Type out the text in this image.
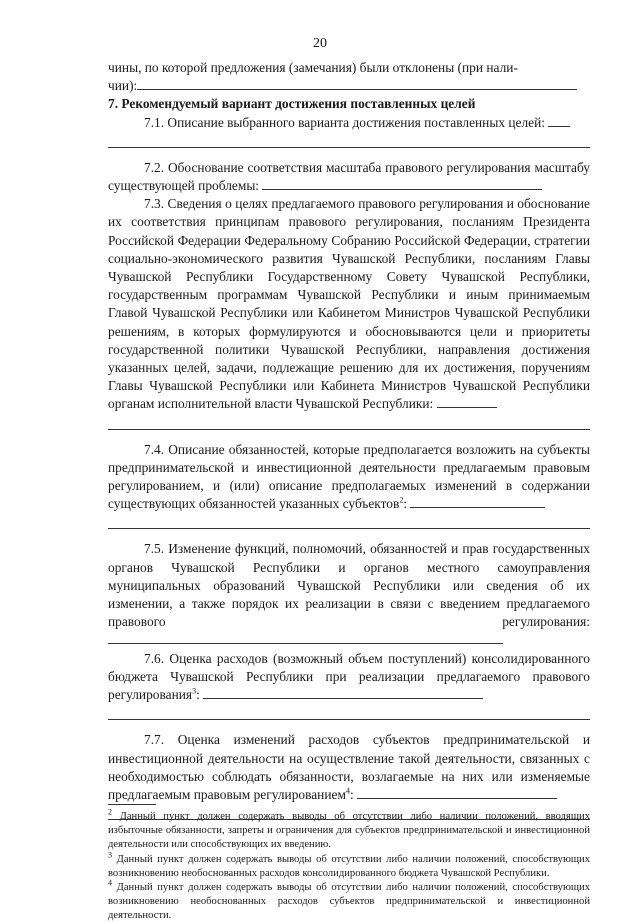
20

чины, по которой предложения (замечания) были отклонены (при нали-
чии):

7. Рекомендуемый вариант достижения поставленных целей

7.1. Описание выбранного варианта достижения поставленных целей:

7.2. Обоснование соответствия масштаба правового регулирования масштабу существующей проблемы:

7.3. Сведения о целях предлагаемого правового регулирования и обоснование их соответствия принципам правового регулирования, посланиям Президента Российской Федерации Федеральному Собранию Российской Федерации, стратегии социально-экономического развития Чувашской Республики, посланиям Главы Чувашской Республики Государственному Совету Чувашской Республики, государственным программам Чувашской Республики и иным принимаемым Главой Чувашской Республики или Кабинетом Министров Чувашской Республики решениям, в которых формулируются и обосновываются цели и приоритеты государственной политики Чувашской Республики, направления достижения указанных целей, задачи, подлежащие решению для их достижения, поручениям Главы Чувашской Республики или Кабинета Министров Чувашской Республики органам исполнительной власти Чувашской Республики:

7.4. Описание обязанностей, которые предполагается возложить на субъекты предпринимательской и инвестиционной деятельности предлагаемым правовым регулированием, и (или) описание предполагаемых изменений в содержании существующих обязанностей указанных субъектов$^2$:

7.5. Изменение функций, полномочий, обязанностей и прав государственных органов Чувашской Республики и органов местного самоуправления муниципальных образований Чувашской Республики или сведения об их изменении, а также порядок их реализации в связи с введением предлагаемого правового регулирования:

7.6. Оценка расходов (возможный объем поступлений) консолидированного бюджета Чувашской Республики при реализации предлагаемого правового регулирования$^3$:

7.7. Оценка изменений расходов субъектов предпринимательской и инвестиционной деятельности на осуществление такой деятельности, связанных с необходимостью соблюдать обязанности, возлагаемые на них или изменяемые предлагаемым правовым регулированием$^4$:

$^2$ Данный пункт должен содержать выводы об отсутствии либо наличии положений, вводящих избыточные обязанности, запреты и ограничения для субъектов предпринимательской и инвестиционной деятельности или способствующих их введению.

$^3$ Данный пункт должен содержать выводы об отсутствии либо наличии положений, способствующих возникновению необоснованных расходов консолидированного бюджета Чувашской Республики.

$^4$ Данный пункт должен содержать выводы об отсутствии либо наличии положений, способствующих возникновению необоснованных расходов субъектов предпринимательской и инвестиционной деятельности.
